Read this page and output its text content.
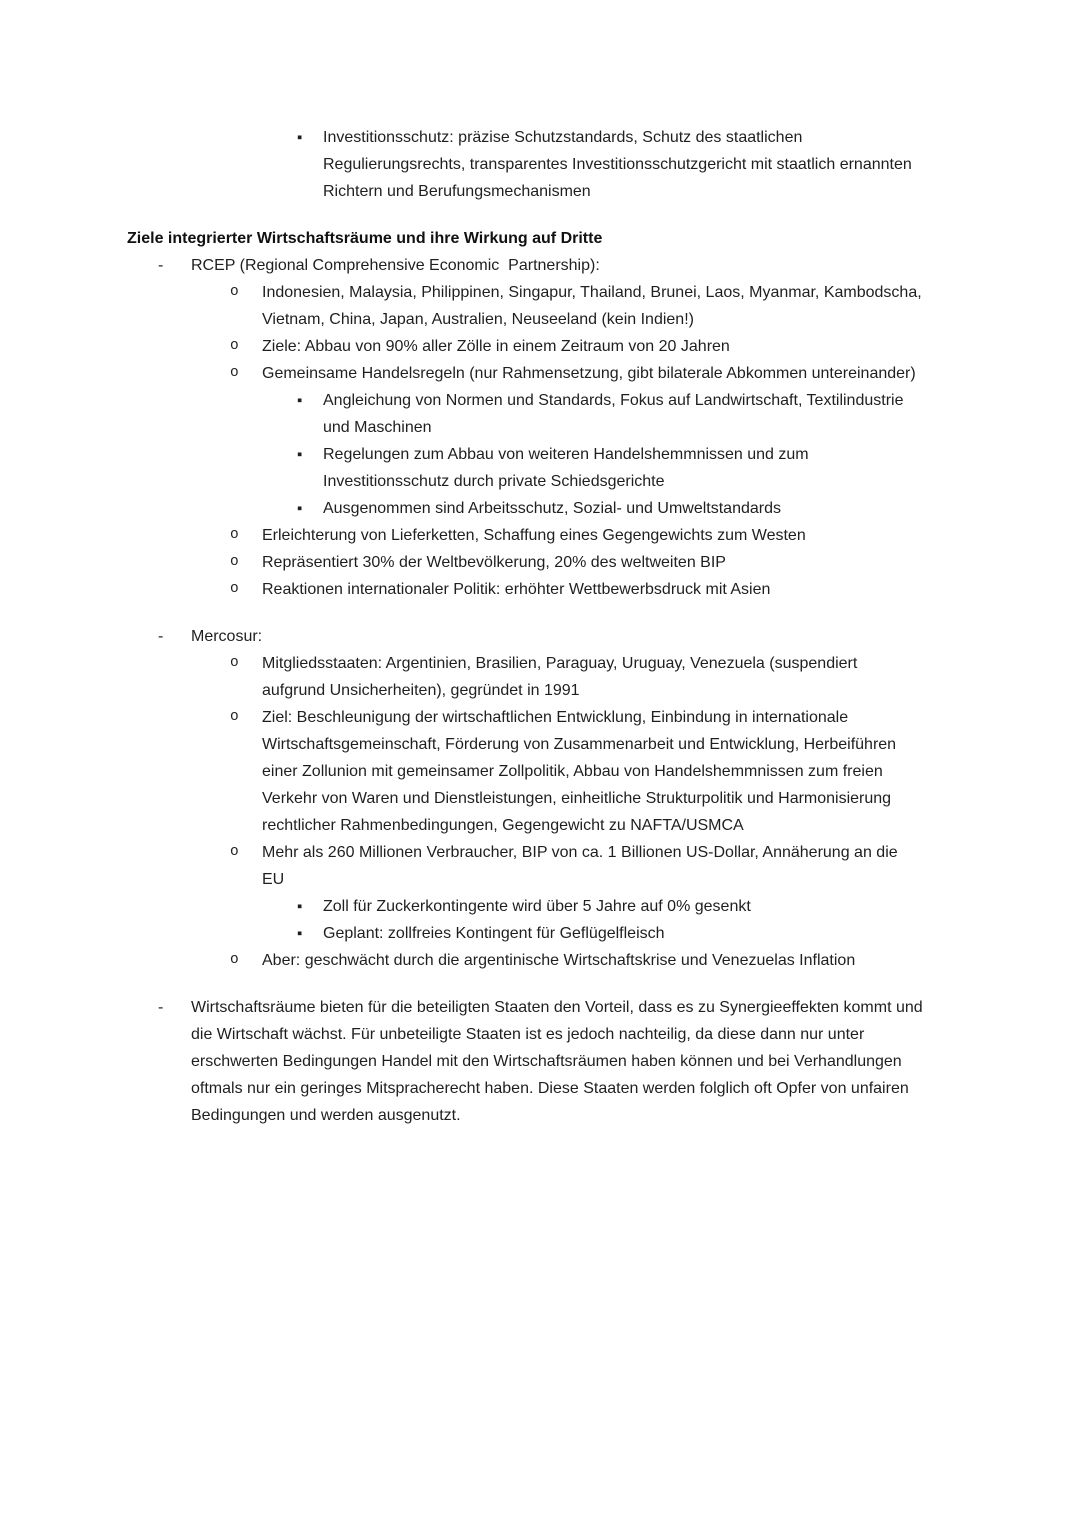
▪	Investitionsschutz: präzise Schutzstandards, Schutz des staatlichen Regulierungsrechts, transparentes Investitionsschutzgericht mit staatlich ernannten Richtern und Berufungsmechanismen
Ziele integrierter Wirtschaftsräume und ihre Wirkung auf Dritte
-	RCEP (Regional Comprehensive Economic  Partnership):
o	Indonesien, Malaysia, Philippinen, Singapur, Thailand, Brunei, Laos, Myanmar, Kambodscha, Vietnam, China, Japan, Australien, Neuseeland (kein Indien!)
o	Ziele: Abbau von 90% aller Zölle in einem Zeitraum von 20 Jahren
o	Gemeinsame Handelsregeln (nur Rahmensetzung, gibt bilaterale Abkommen untereinander)
▪	Angleichung von Normen und Standards, Fokus auf Landwirtschaft, Textilindustrie und Maschinen
▪	Regelungen zum Abbau von weiteren Handelshemmnissen und zum Investitionsschutz durch private Schiedsgerichte
▪	Ausgenommen sind Arbeitsschutz, Sozial- und Umweltstandards
o	Erleichterung von Lieferketten, Schaffung eines Gegengewichts zum Westen
o	Repräsentiert 30% der Weltbevölkerung, 20% des weltweiten BIP
o	Reaktionen internationaler Politik: erhöhter Wettbewerbsdruck mit Asien
-	Mercosur:
o	Mitgliedsstaaten: Argentinien, Brasilien, Paraguay, Uruguay, Venezuela (suspendiert aufgrund Unsicherheiten), gegründet in 1991
o	Ziel: Beschleunigung der wirtschaftlichen Entwicklung, Einbindung in internationale Wirtschaftsgemeinschaft, Förderung von Zusammenarbeit und Entwicklung, Herbeiführen einer Zollunion mit gemeinsamer Zollpolitik, Abbau von Handelshemmnissen zum freien Verkehr von Waren und Dienstleistungen, einheitliche Strukturpolitik und Harmonisierung rechtlicher Rahmenbedingungen, Gegengewicht zu NAFTA/USMCA
o	Mehr als 260 Millionen Verbraucher, BIP von ca. 1 Billionen US-Dollar, Annäherung an die EU
▪	Zoll für Zuckerkontingente wird über 5 Jahre auf 0% gesenkt
▪	Geplant: zollfreies Kontingent für Geflügelfleisch
o	Aber: geschwächt durch die argentinische Wirtschaftskrise und Venezuelas Inflation
-	Wirtschaftsräume bieten für die beteiligten Staaten den Vorteil, dass es zu Synergieeffekten kommt und die Wirtschaft wächst. Für unbeteiligte Staaten ist es jedoch nachteilig, da diese dann nur unter erschwerten Bedingungen Handel mit den Wirtschaftsräumen haben können und bei Verhandlungen oftmals nur ein geringes Mitspracherecht haben. Diese Staaten werden folglich oft Opfer von unfairen Bedingungen und werden ausgenutzt.
